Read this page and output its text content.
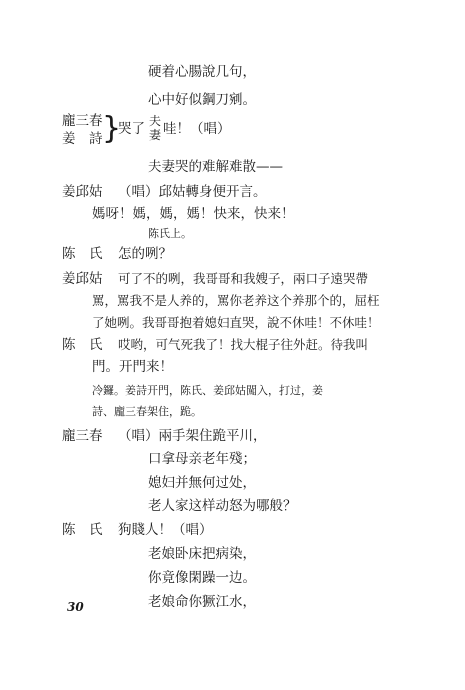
硬着心腸說几句，
心中好似鋼刀剜。
龐三春
姜　詩 }
哭了 夫
妻 哇！（唱）
夫妻哭的难解难散——
姜邱姑 （唱）邱姑轉身便开言。
媽呀！媽，媽，媽！快来，快来！
陈氏上。
陈　氏 怎的咧？
姜邱姑 可了不的咧，我哥哥和我嫂子，兩口子遠哭帶
罵，罵我不是人养的，罵你老养这个养那个的，屈枉
了她咧。我哥哥抱着媳妇直哭，說不休哇！不休哇！
陈　氏 哎哟，可气死我了！找大棍子往外赶。待我叫
門。开門来！
冷鑼。姜詩开門，陈氏、姜邱姑闖入，打过，姜
詩、龐三春架住，跪。
龐三春 （唱）兩手架住跪平川，
口拿母亲老年殘；
媳妇并無何过处，
老人家这样动怒为哪般？
陈　氏 狗賤人！（唱）
老娘卧床把病染，
你竟像閑躁一边。
老娘命你獗江水，
30
